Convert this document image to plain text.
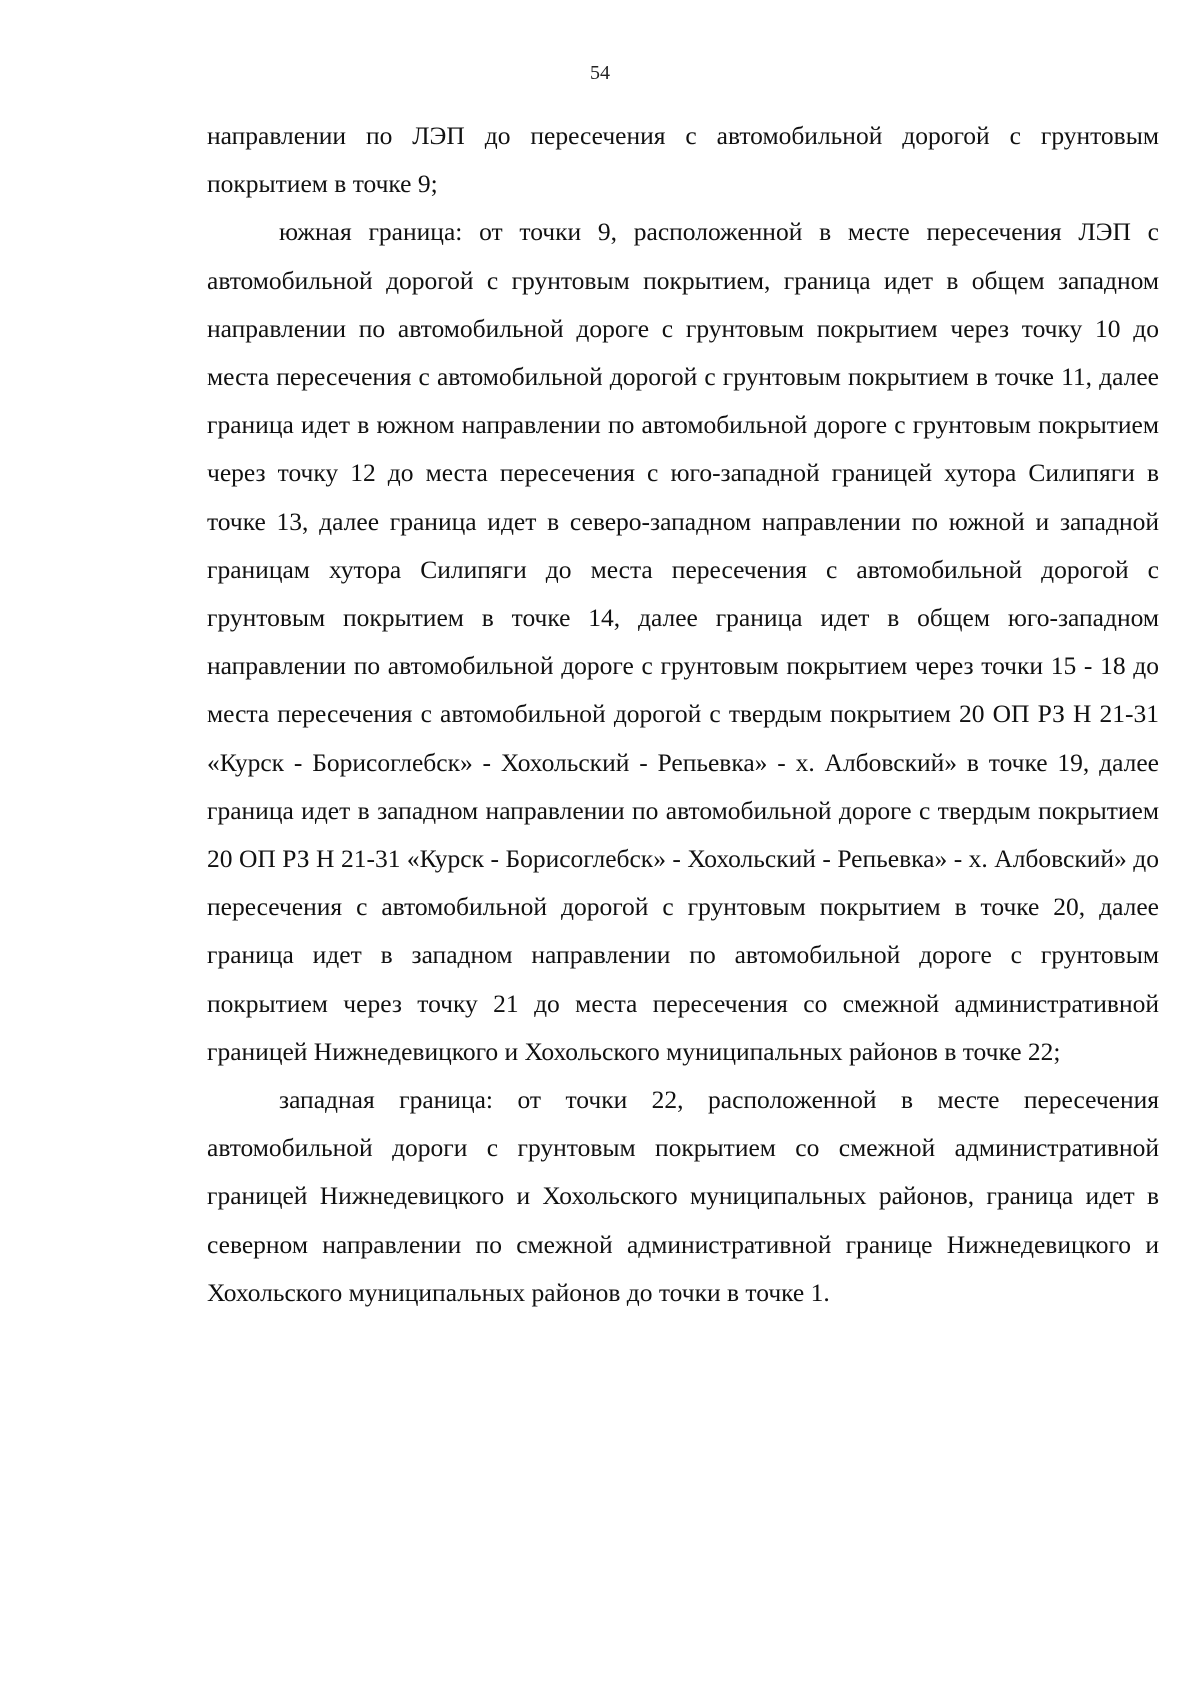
54

направлении по ЛЭП до пересечения с автомобильной дорогой с грунтовым покрытием в точке 9;

южная граница: от точки 9, расположенной в месте пересечения ЛЭП с автомобильной дорогой с грунтовым покрытием, граница идет в общем западном направлении по автомобильной дороге с грунтовым покрытием через точку 10 до места пересечения с автомобильной дорогой с грунтовым покрытием в точке 11, далее граница идет в южном направлении по автомобильной дороге с грунтовым покрытием через точку 12 до места пересечения с юго-западной границей хутора Силипяги в точке 13, далее граница идет в северо-западном направлении по южной и западной границам хутора Силипяги до места пересечения с автомобильной дорогой с грунтовым покрытием в точке 14, далее граница идет в общем юго-западном направлении по автомобильной дороге с грунтовым покрытием через точки 15 - 18 до места пересечения с автомобильной дорогой с твердым покрытием 20 ОП РЗ Н 21-31 «Курск - Борисоглебск» - Хохольский - Репьевка» - х. Албовский» в точке 19, далее граница идет в западном направлении по автомобильной дороге с твердым покрытием 20 ОП РЗ Н 21-31 «Курск - Борисоглебск» - Хохольский - Репьевка» - х. Албовский» до пересечения с автомобильной дорогой с грунтовым покрытием в точке 20, далее граница идет в западном направлении по автомобильной дороге с грунтовым покрытием через точку 21 до места пересечения со смежной административной границей Нижнедевицкого и Хохольского муниципальных районов в точке 22;

западная граница: от точки 22, расположенной в месте пересечения автомобильной дороги с грунтовым покрытием со смежной административной границей Нижнедевицкого и Хохольского муниципальных районов, граница идет в северном направлении по смежной административной границе Нижнедевицкого и Хохольского муниципальных районов до точки в точке 1.
